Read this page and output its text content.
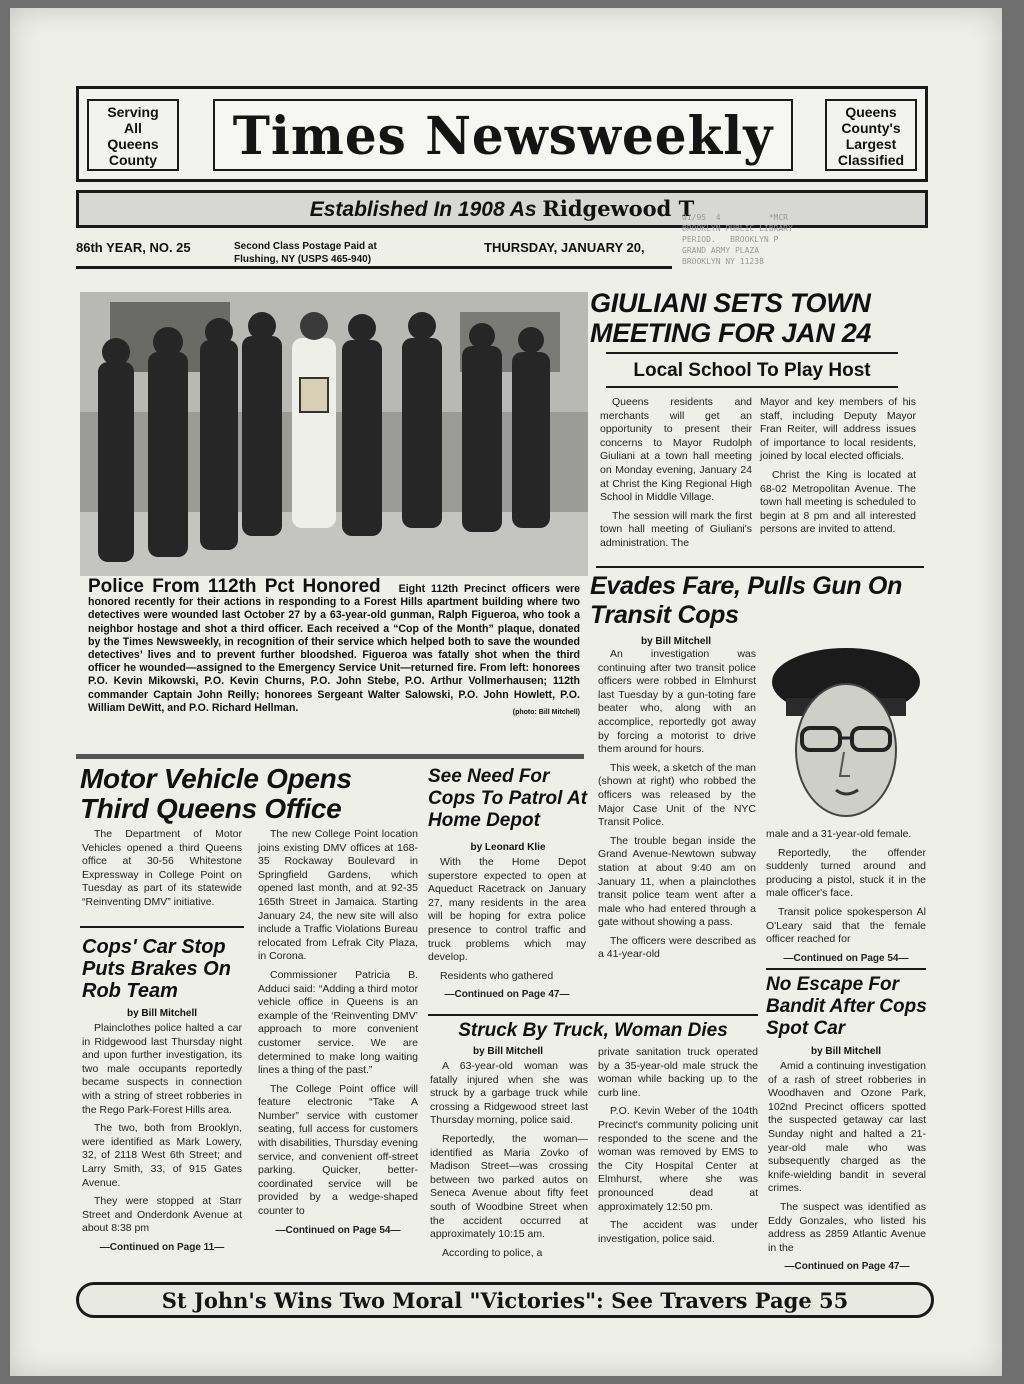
Serving
All
Queens
County	Times Newsweekly	Queens
County's
Largest
Classified
Established In 1908 As Ridgewood T
01/95  4          *MCR
BROOKLYN PUBLIC LIBRARY
PERIOD.   BROOKLYN P
GRAND ARMY PLAZA
BROOKLYN NY 11238
86th YEAR, NO. 25	Second Class Postage Paid at
Flushing, NY (USPS 465-940)
THURSDAY, JANUARY 20,
GIULIANI SETS TOWN MEETING FOR JAN 24
Local School To Play Host

Queens residents and merchants will get an opportunity to present their concerns to Mayor Rudolph Giuliani at a town hall meeting on Monday evening, January 24 at Christ the King Regional High School in Middle Village.

The session will mark the first town hall meeting of Giuliani's administration. The

Mayor and key members of his staff, including Deputy Mayor Fran Reiter, will address issues of importance to local residents, joined by local elected officials.

Christ the King is located at 68-02 Metropolitan Avenue. The town hall meeting is scheduled to begin at 8 pm and all interested persons are invited to attend.

Police From 112th Pct Honored Eight 112th Precinct officers were honored recently for their actions in responding to a Forest Hills apartment building where two detectives were wounded last October 27 by a 63-year-old gunman, Ralph Figueroa, who took a neighbor hostage and shot a third officer. Each received a “Cop of the Month” plaque, donated by the Times Newsweekly, in recognition of their service which helped both to save the wounded detectives’ lives and to prevent further bloodshed. Figueroa was fatally shot when the third officer he wounded—assigned to the Emergency Service Unit—returned fire. From left: honorees P.O. Kevin Mikowski, P.O. Kevin Churns, P.O. John Stebe, P.O. Arthur Vollmerhausen; 112th commander Captain John Reilly; honorees Sergeant Walter Salowski, P.O. John Howlett, P.O. William DeWitt, and P.O. Richard Hellman.	(photo: Bill Mitchell)
Evades Fare, Pulls Gun On Transit Cops
by Bill Mitchell

An investigation was continuing after two transit police officers were robbed in Elmhurst last Tuesday by a gun-toting fare beater who, along with an accomplice, reportedly got away by forcing a motorist to drive them around for hours.

This week, a sketch of the man (shown at right) who robbed the officers was released by the Major Case Unit of the NYC Transit Police.

The trouble began inside the Grand Avenue-Newtown subway station at about 9:40 am on January 11, when a plainclothes transit police team went after a male who had entered through a gate without showing a pass.

The officers were described as a 41-year-old

male and a 31-year-old female.

Reportedly, the offender suddenly turned around and producing a pistol, stuck it in the male officer's face.

Transit police spokesperson Al O'Leary said that the female officer reached for

—Continued on Page 54—
Motor Vehicle Opens Third Queens Office

The Department of Motor Vehicles opened a third Queens office at 30-56 Whitestone Expressway in College Point on Tuesday as part of its statewide “Reinventing DMV” initiative.

The new College Point location joins existing DMV offices at 168-35 Rockaway Boulevard in Springfield Gardens, which opened last month, and at 92-35 165th Street in Jamaica. Starting January 24, the new site will also include a Traffic Violations Bureau relocated from Lefrak City Plaza, in Corona.

Commissioner Patricia B. Adduci said: “Adding a third motor vehicle office in Queens is an example of the ‘Reinventing DMV’ approach to more convenient customer service. We are determined to make long waiting lines a thing of the past.”

The College Point office will feature electronic “Take A Number” service with customer seating, full access for customers with disabilities, Thursday evening service, and convenient off-street parking. Quicker, better-coordinated service will be provided by a wedge-shaped counter to

—Continued on Page 54—
Cops' Car Stop Puts Brakes On Rob Team
by Bill Mitchell

Plainclothes police halted a car in Ridgewood last Thursday night and upon further investigation, its two male occupants reportedly became suspects in connection with a string of street robberies in the Rego Park-Forest Hills area.

The two, both from Brooklyn, were identified as Mark Lowery, 32, of 2118 West 6th Street; and Larry Smith, 33, of 915 Gates Avenue.

They were stopped at Starr Street and Onderdonk Avenue at about 8:38 pm

—Continued on Page 11—
See Need For Cops To Patrol At Home Depot
by Leonard Klie

With the Home Depot superstore expected to open at Aqueduct Racetrack on January 27, many residents in the area will be hoping for extra police presence to control traffic and truck problems which may develop.

Residents who gathered

—Continued on Page 47—
Struck By Truck, Woman Dies
by Bill Mitchell

A 63-year-old woman was fatally injured when she was struck by a garbage truck while crossing a Ridgewood street last Thursday morning, police said.

Reportedly, the woman—identified as Maria Zovko of Madison Street—was crossing between two parked autos on Seneca Avenue about fifty feet south of Woodbine Street when the accident occurred at approximately 10:15 am.

According to police, a

private sanitation truck operated by a 35-year-old male struck the woman while backing up to the curb line.

P.O. Kevin Weber of the 104th Precinct's community policing unit responded to the scene and the woman was removed by EMS to the City Hospital Center at Elmhurst, where she was pronounced dead at approximately 12:50 pm.

The accident was under investigation, police said.

No Escape For Bandit After Cops Spot Car
by Bill Mitchell

Amid a continuing investigation of a rash of street robberies in Woodhaven and Ozone Park, 102nd Precinct officers spotted the suspected getaway car last Sunday night and halted a 21-year-old male who was subsequently charged as the knife-wielding bandit in several crimes.

The suspect was identified as Eddy Gonzales, who listed his address as 2859 Atlantic Avenue in the

—Continued on Page 47—
St John's Wins Two Moral "Victories": See Travers Page 55
